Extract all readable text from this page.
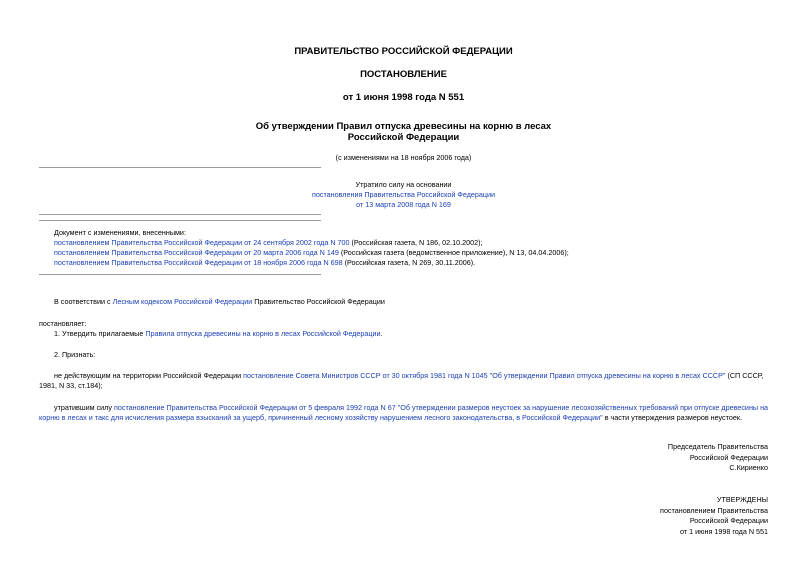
ПРАВИТЕЛЬСТВО РОССИЙСКОЙ ФЕДЕРАЦИИ
ПОСТАНОВЛЕНИЕ
от 1 июня 1998 года N 551
Об утверждении Правил отпуска древесины на корню в лесах
Российской Федерации
(с изменениями на 18 ноября 2006 года)
Утратило силу на основании
постановления Правительства Российской Федерации
от 13 марта 2008 года N 169
Документ с изменениями, внесенными:
постановлением Правительства Российской Федерации от 24 сентября 2002 года N 700 (Российская газета, N 186, 02.10.2002);
постановлением Правительства Российской Федерации от 20 марта 2006 года N 149 (Российская газета (ведомственное приложение), N 13, 04.04.2006);
постановлением Правительства Российской Федерации от 18 ноября 2006 года N 698 (Российская газета, N 269, 30.11.2006).
В соответствии с Лесным кодексом Российской Федерации Правительство Российской Федерации
постановляет:
1. Утвердить прилагаемые Правила отпуска древесины на корню в лесах Российской Федерации.
2. Признать:
не действующим на территории Российской Федерации постановление Совета Министров СССР от 30 октября 1981 года N 1045 "Об утверждении Правил отпуска древесины на корню в лесах СССР" (СП СССР,
1981, N 33, ст.184);
утратившим силу постановление Правительства Российской Федерации от 5 февраля 1992 года N 67 "Об утверждении размеров неустоек за нарушение лесохозяйственных требований при отпуске древесины на
корню в лесах и такс для исчисления размера взысканий за ущерб, причиненный лесному хозяйству нарушением лесного законодательства, в Российской Федерации" в части утверждения размеров неустоек.
Председатель Правительства
Российской Федерации
С.Кириенко
УТВЕРЖДЕНЫ
постановлением Правительства
Российской Федерации
от 1 июня 1998 года N 551
